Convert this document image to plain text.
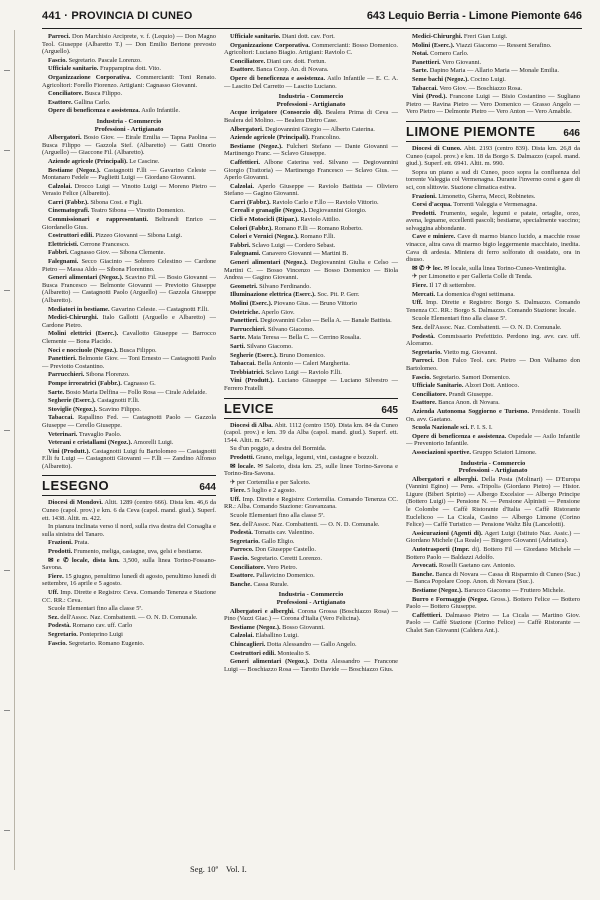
441 · PROVINCIA DI CUNEO	643 Lequio Berria - Limone Piemonte 646

Parroci. Don Marchisio Arciprete, v. f. (Lequio) — Don Magno Teol. Giuseppe (Albaretto T.) — Don Emilio Bertone prevosto (Arguello).

Fascio. Segretario. Pascale Lorenzo.

Ufficiale sanitario. Frappampina dott. Vito.

Organizzazione Corporativa. Commercianti: Toni Renato. Agricoltori: Forello Fiorenzo. Artigiani: Cagnasso Giovanni.

Conciliatore. Busca Filippo.

Esattore. Gallina Carlo.

Opere di beneficenza e assistenza. Asilo Infantile.

Industria - Commercio
Professioni - Artigianato

Albergatori. Bosio Giov. — Eirale Emilia — Tapna Paolina — Busca Filippo — Gazzola Stef. (Albaretto) — Gatti Onorio (Arguello) — Giaccone Fil. (Albaretto).

Aziende agricole (Principali). Le Cascine.

Bestiame (Negoz.). Castagnotti F.lli — Gavarino Celeste — Montanaro Fedele — Paglietti Luigi — Giordano Giovanni.

Calzolai. Drocco Luigi — Vinotto Luigi — Moreno Pietro — Verasio Felice (Albaretto).

Carri (Fabbr.). Sibona Cost. e Figli.

Cinematografi. Teatro Sibona — Vinotto Domenico.

Commissionari e rappresentanti. Beltrandi Enrico — Giordanello Gius.

Costruttori edili. Pizzeo Giovanni — Sibona Luigi.

Elettricisti. Cerrone Francesco.

Fabbri. Cagnasso Giov. — Sibona Clemente.

Falegnami. Secco Giacinto — Sobrero Celestino — Cardone Pietro — Massa Aldo — Sibona Florentino.

Generi alimentari (Negoz.). Scavino Fil. — Bosio Giovanni — Busca Francesco — Belmonte Giovanni — Previotto Giuseppe (Albaretto) — Castagnotti Paolo (Arguello) — Gazzola Giuseppe (Albaretto).

Mediatori in bestiame. Gavarino Celeste. — Castagnotti F.lli.

Medici-Chirurghi. Italo Gallotti (Arguello e Albaretto) — Cardone Pietro.

Molini elettrici (Eserc.). Cavallotto Giuseppe — Barrocco Clemente — Bona Placido.

Noci e nocciuole (Negoz.). Busca Filippo.

Panettieri. Belmonte Giov. — Toni Ernesto — Castagnotti Paolo — Previotto Costantino.

Parrucchieri. Sibona Florenzo.

Pompe irroratrici (Fabbr.). Cagnasso G.

Sarte. Bosio Maria Delfina — Follo Rosa — Cirale Adelaide.

Segherie (Eserc.). Castagnotti F.lli.

Stoviglie (Negoz.). Scavino Filippo.

Tabaccai. Rapallino Fed. — Castagnotti Paolo — Gazzola Giuseppe — Cerello Giuseppe.

Veterinari. Travaglio Paolo.

Veterani e cristallami (Negoz.). Amorelli Luigi.

Vini (Produtt.). Castagnotti Luigi fu Bartolomeo — Castagnotti F.lli fu Luigi — Castagnotti Giovanni — F.lli — Zandino Alfonso (Albaretto).

LESEGNO	644

Diocesi di Mondovì. Altit. 1289 (centro 666). Dista km. 46,6 da Cuneo (capol. prov.) e km. 6 da Ceva (capol. mand. giud.). Superf. ett. 1438. Altit. m. 422.

In pianura inclinata verso il nord, sulla riva destra del Corsaglia e sulla sinistra del Tanaro.

Frazioni. Prata.

Prodotti. Frumento, meliga, castagne, uva, gelsi e bestiame.

✉ e ✆ locale, dista km. 3,500, sulla linea Torino-Fossano-Savona.

Fiere. 15 giugno, penultimo lunedì di agosto, penultimo lunedì di settembre, 16 aprile e 5 agosto.

Uff. Imp. Dirette e Registro: Ceva. Comando Tenenza e Stazione CC. RR.: Ceva.

Scuole Elementari fino alla classe 5ª.

Sez. dell'Assoc. Naz. Combattenti. — O. N. D. Comunale.

Podestà. Romano cav. uff. Carlo

Segretario. Ponteprino Luigi

Fascio. Segretario. Romano Eugenio.

Ufficiale sanitario. Diani dott. cav. Fort.

Organizzazione Corporativa. Commercianti: Bosso Domenico. Agricoltori: Luciano Biagio. Artigiani: Raviolo C.

Conciliatore. Diani cav. dott. Fortun.

Esattore. Banca Coop. An. di Novara.

Opere di beneficenza e assistenza. Asilo Infantile — E. C. A. — Lascito Del Carretto — Lascito Luciano.

Industria - Commercio
Professioni - Artigianato

Acque irrigatore (Consorzio di). Bealera Prima di Ceva — Bealera del Molino. — Bealera Dietro Case.

Albergatori. Degiovannini Giorgio — Alberto Caterina.

Aziende agricole (Principali). Francolino.

Bestiame (Negoz.). Fulcheri Stefano — Dante Giovanni — Martinengo Franc. — Sclavo Giuseppe.

Caffettieri. Albone Caterina ved. Silvano — Degiovannini Giorgio (Trattoria) — Martinengo Francesco — Sclavo Gius. — Aperlo Giovanni.

Calzolai. Aperlo Giuseppe — Raviolo Battista — Oliviero Stefano — Gagino Giovanni.

Carri (Fabbr.). Raviolo Carlo e F.llo — Raviolo Vittorio.

Cereali e granaglie (Negoz.). Degiovannini Giorgio.

Cicli e Motocicli (Ripar.). Raviolo Attilio.

Colori (Fabbr.). Romano F.lli — Romano Roberto.

Colori e Vernici (Negoz.). Romano F.lli.

Fabbri. Sclavo Luigi — Cordero Sebast.

Falegnami. Canavero Giovanni — Martini B.

Generi alimentari (Negoz.). Degiovannini Giulia e Celso — Martini C. — Bosso Vincenzo — Bosso Domenico — Biola Andrea — Gagino Giovanni.

Geometri. Silvano Ferdinando.

Illuminazione elettrica (Eserc.). Soc. Pit. P. Gerr.

Molini (Eserc.). Piovano Gius. — Bruno Vittorio

Ostetriche. Aperlo Giov.

Panettieri. Degiovannini Celso — Bella A. — Banale Battista.

Parrucchieri. Silvano Giacomo.

Sarte. Maia Teresa — Bella C. — Cerrino Rosalia.

Sarti. Silvano Giacomo.

Segherie (Eserc.). Bruno Domenico.

Tabaccai. Bella Antonio — Caleri Margherita.

Trebbiatrici. Sclavo Luigi — Raviolo F.lli.

Vini (Produtt.). Luciano Giuseppe — Luciano Silvestro — Ferrero Fratelli

LEVICE	645

Diocesi di Alba. Abit. 1112 (centro 150). Dista km. 84 da Cuneo (capol. prov.) e km. 39 da Alba (capol. mand. giud.). Superf. ett. 1544. Altit. m. 547.

Su d'un poggio, a destra del Bormida.

Prodotti. Grano, meliga, legumi, vini, castagne e bozzoli.

✉ locale. ✉ Salceto, dista km. 25, sulle linee Torino-Savona e Torino-Bra-Savona.

✈ per Cortemilia e per Salceto.

Fiere. 5 luglio e 2 agosto.

Uff. Imp. Dirette e Registro: Cortemilia. Comando Tenenza CC. RR.: Alba. Comando Stazione: Gravanzana.

Scuole Elementari fino alla classe 5ª.

Sez. dell'Assoc. Naz. Combattenti. — O. N. D. Comunale.

Podestà. Tomatis cav. Valentino.

Segretario. Gallo Eligio.

Parroco. Don Giuseppe Castello.

Fascio. Segretario. Ceretti Lorenzo.

Conciliatore. Vero Pietro.

Esattore. Pallavicino Domenico.

Banche. Cassa Rurale.

Industria - Commercio
Professioni - Artigianato

Albergatori e alberghi. Corona Grossa (Boschiazzo Rosa) — Pino (Vazzi Giac.) — Corona d'Italia (Vero Felicina).

Bestiame (Negoz.). Bosso Giovanni.

Calzolai. Elaballino Luigi.

Chincaglieri. Dotta Alessandro — Gallo Angelo.

Costruttori edili. Montealto S.

Generi alimentari (Negoz.). Dotta Alessandro — Francone Luigi — Boschiazzo Rosa — Tarotto Davide — Boschiazzo Gius.

Medici-Chirurghi. Freri Gian Luigi.

Molini (Eserc.). Viazzi Giacomo — Ressent Serafino.

Notai. Cornero Carlo.

Panettieri. Vero Giovanni.

Sarte. Dapino Maria — Allario Maria — Monale Emilia.

Seme bachi (Negoz.). Cocino Luigi.

Tabaccai. Vero Giov. — Boschiazzo Rosa.

Vini (Prod.). Francone Luigi — Bisio Costantino — Sugliano Pietro — Ravina Pietro — Vero Domenico — Grasso Angelo — Vero Pietro — Delmonte Pietro — Vero Anton — Vero Amabile.

LIMONE PIEMONTE	646

Diocesi di Cuneo. Abit. 2193 (centro 839). Dista km. 26,8 da Cuneo (capol. prov.) e km. 18 da Borgo S. Dalmazzo (capol. mand. giud.). Superf. ett. 6941. Altit. m. 990.

Sopra un piano a sud di Cuneo, poco sopra la confluenza del torrente Valeggia col Vermenagna. Durante l'inverno corsi e gare di sci, con slittovie. Stazione climatica estiva.

Frazioni. Limonetto, Gherra, Mecci, Robinetes.

Corsi d'acqua. Torrenti Valeggia e Vermenagna.

Prodotti. Frumento, segale, legumi e patate, ortaglie, orzo, avena, legname, eccellenti pascoli; bestiame, specialmente vaccino; selvaggina abbondante.

Cave e miniere. Cave di marmo bianco lucido, a macchie rosse vinacce, altra cava di marmo bigio leggermente macchiato, inedita. Cava di ardesia. Miniera di ferro solforato di ossidato, ora in disuso.

✉ ✆ ✈ loc. ✉ locale, sulla linea Torino-Cuneo-Ventimiglia.

✈ per Limonetto e per Galleria Colle di Tenda.

Fiere. Il 17 di settembre.

Mercati. La domenica d'ogni settimana.

Uff. Imp. Dirette e Registro: Borgo S. Dalmazzo. Comando Tenenza CC. RR.: Borgo S. Dalmazzo. Comando Stazione: locale.

Scuole Elementari fino alla classe 5ª.

Sez. dell'Assoc. Naz. Combattenti. — O. N. D. Comunale.

Podestà. Commissario Prefettizio. Perdono ing. avv. cav. uff. Alceramo.

Segretario. Vietto mg. Giovanni.

Parroci. Don Falco Teol. cav. Pietro — Don Valhamo don Bartolomeo.

Fascio. Segretario. Samori Domenico.

Ufficiale Sanitario. Alzori Dott. Antioco.

Conciliatore. Prandi Giuseppe.

Esattore. Banca Anon. di Novara.

Azienda Autonoma Soggiorno e Turismo. Presidente. Toselli On. avv. Gaetano.

Scuola Nazionale sci. F. I. S. I.

Opere di beneficenza e assistenza. Ospedale — Asilo Infantile — Preventorio Infantile.

Associazioni sportive. Gruppo Sciatori Limone.

Industria - Commercio
Professioni - Artigianato

Albergatori e alberghi. Della Posta (Molinari) — D'Europa (Vannini Egino) — Pens. «Tripoli» (Giordano Pietro) — Histor. Ligure (Biberi Spirito) — Albergo Excelsior — Albergo Principe (Bottero Luigi) — Pensione N. — Pensione Alpinisti — Pensione le Colombe — Caffè Ristorante d'Italia — Caffè Ristorante Euclelicoo — La Cicala, Casino — Albergo Limone (Corino Felice) — Caffè Turistico — Pensione Waltz Blu (Lancelotti).

Assicurazioni (Agenti di). Ageri Luigi (Istituto Naz. Assic.) — Giordano Michele (La Reale) — Bingero Giovanni (Adriatica).

Autotrasporti (Impr. di). Bottero Fil — Giordano Michele — Bottero Paolo — Baldazzi Adolfo.

Avvocati. Roselli Gaetano cav. Antonio.

Banche. Banca di Novara — Cassa di Risparmio di Cuneo (Suc.) — Banca Popolare Coop. Anon. di Novara (Suc.).

Bestiame (Negoz.). Barucco Giacomo — Fruttero Michele.

Burro e Formaggio (Negoz. Gross.). Bottero Felice — Bottero Paolo — Bottero Giuseppe.

Caffettieri. Dalmasso Pietro — La Cicala — Martino Giov. Paolo — Caffè Stazione (Corino Felice) — Caffè Ristorante — Chalet San Giovanni (Caldera Ant.).

Seg. 10ª Vol. I.
